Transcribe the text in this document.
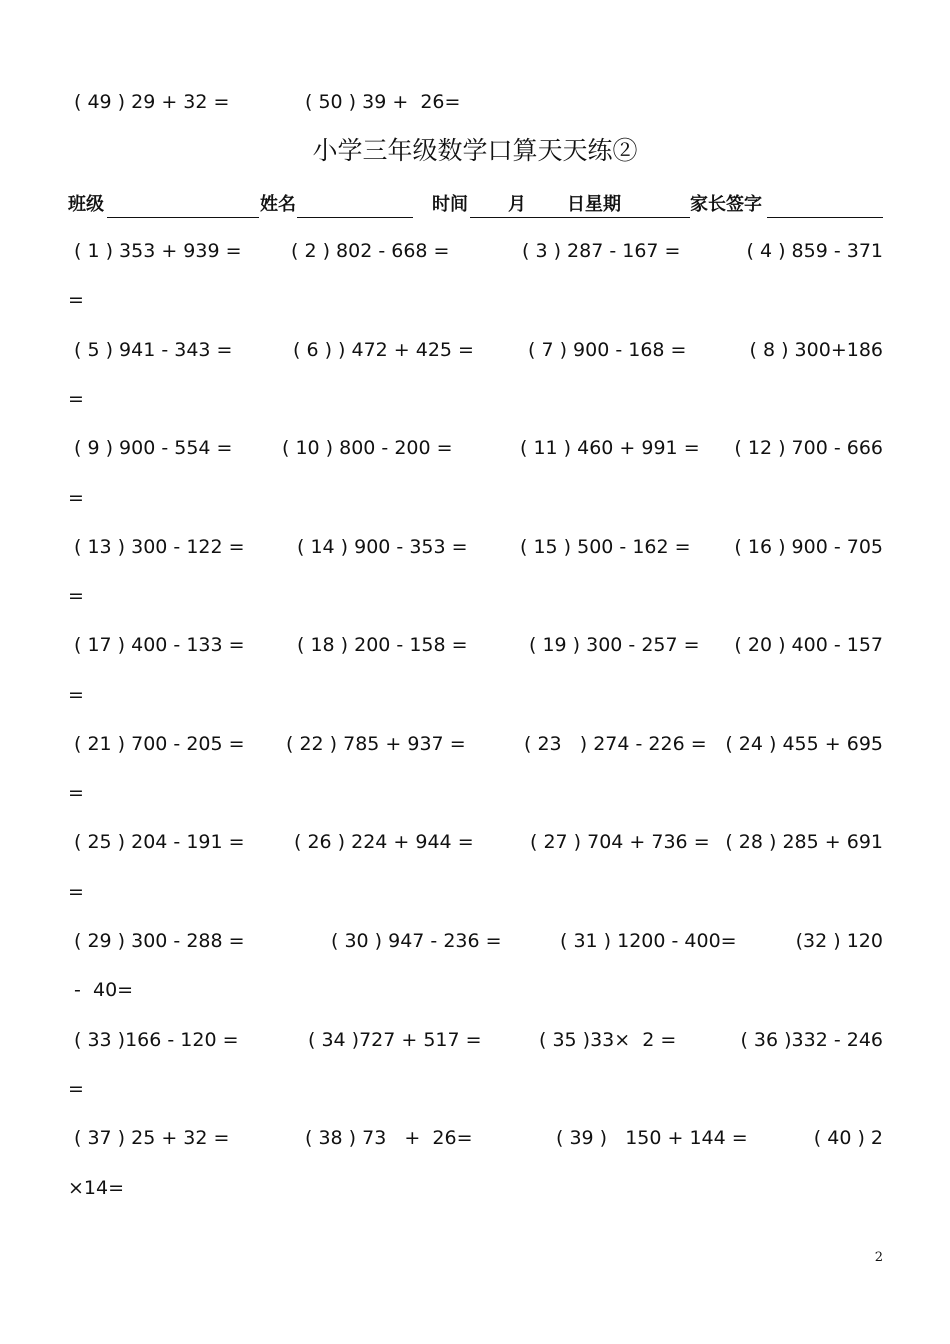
( 49 ) 29 + 32 =	( 50 ) 39 +  26=
小学三年级数学口算天天练②
班级	姓名	时间 月 日星期	家长签字
( 1 ) 353 + 939 =	( 2 ) 802 - 668 =	( 3 ) 287 - 167 =	( 4 ) 859 - 371
=
( 5 ) 941 - 343 =	( 6 ) ) 472 + 425 =	( 7 ) 900 - 168 =	( 8 ) 300+186
=
( 9 ) 900 - 554 =	( 10 ) 800 - 200 =	( 11 ) 460 + 991 = ( 12 ) 700 - 666
=
( 13 ) 300 - 122 =	( 14 ) 900 - 353 =	( 15 ) 500 - 162 = ( 16 ) 900 - 705
=
( 17 ) 400 - 133 =	( 18 ) 200 - 158 =	( 19 ) 300 - 257 = ( 20 ) 400 - 157
=
( 21 ) 700 - 205 = ( 22 ) 785 + 937 =	( 23   ) 274 - 226 = ( 24 ) 455 + 695
=
( 25 ) 204 - 191 =	( 26 ) 224 + 944 =	( 27 ) 704 + 736 = ( 28 ) 285 + 691
=
( 29 ) 300 - 288 =	( 30 ) 947 - 236 =	( 31 ) 1200 - 400=	(32 ) 120
-  40=
( 33 )166 - 120 =	( 34 )727 + 517 =	( 35 )33×  2 =	( 36 )332 - 246
=
( 37 ) 25 + 32 =	( 38 ) 73   +  26=	( 39 )   150 + 144 =	( 40 ) 2
×14=
2
